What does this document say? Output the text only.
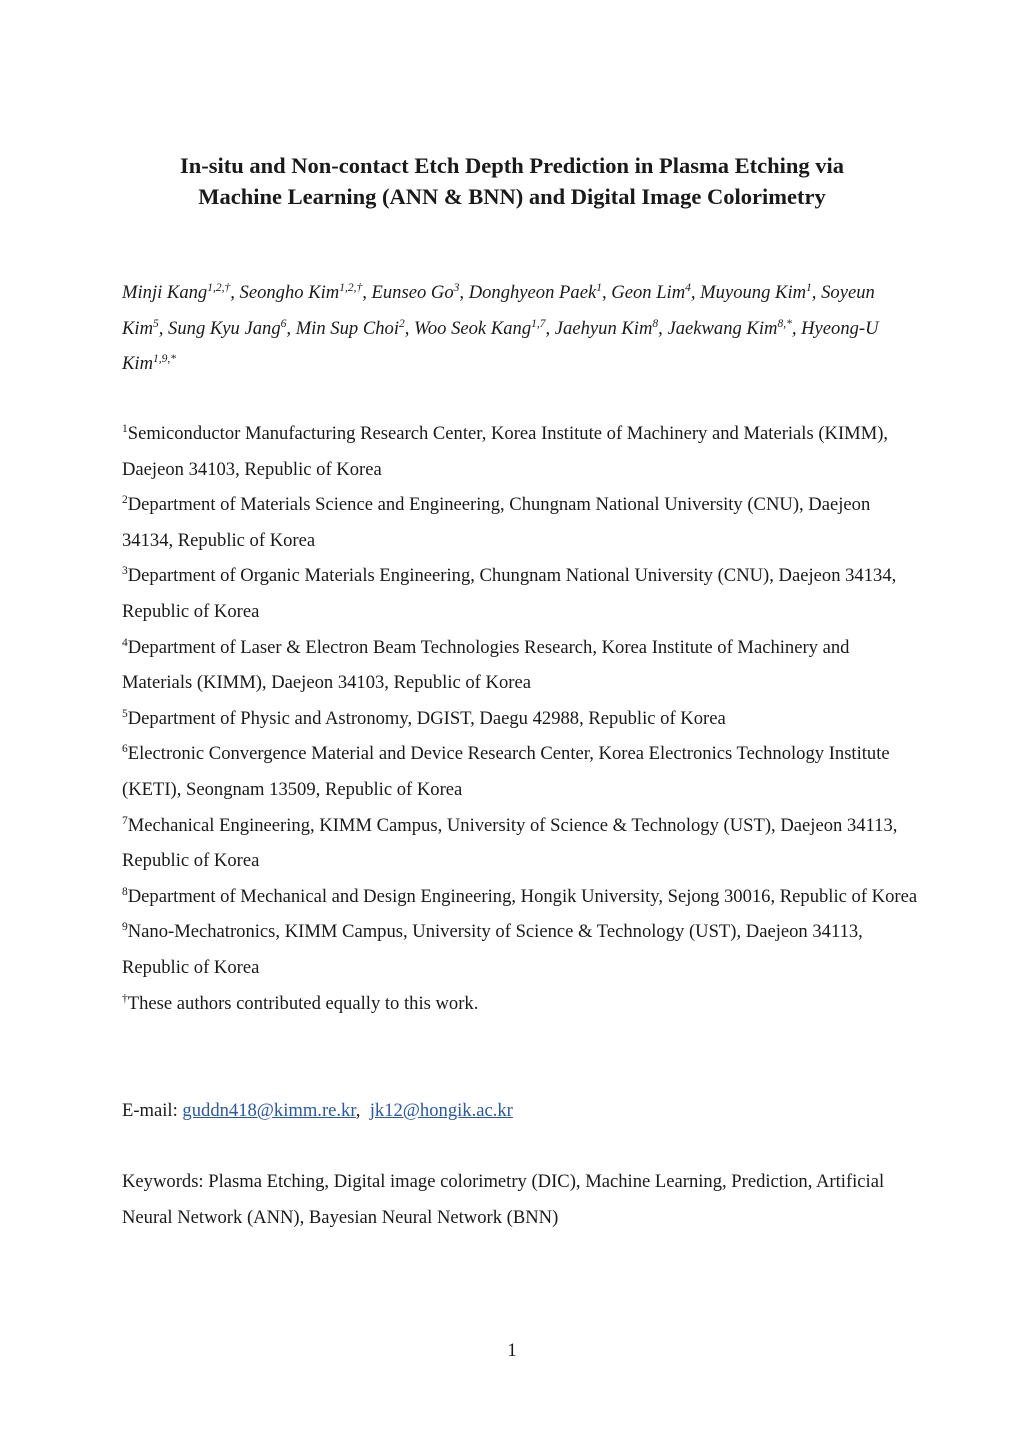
In-situ and Non-contact Etch Depth Prediction in Plasma Etching via
Machine Learning (ANN & BNN) and Digital Image Colorimetry
Minji Kang$^{1,2,\dagger}$, Seongho Kim$^{1,2,\dagger}$, Eunseo Go$^3$, Donghyeon Paek$^1$, Geon Lim$^4$, Muyoung Kim$^1$, Soyeun Kim$^5$, Sung Kyu Jang$^6$, Min Sup Choi$^2$, Woo Seok Kang$^{1,7}$, Jaehyun Kim$^8$, Jaekwang Kim$^{8,*}$, Hyeong-U Kim$^{1,9,*}$
$^1$Semiconductor Manufacturing Research Center, Korea Institute of Machinery and Materials (KIMM), Daejeon 34103, Republic of Korea
$^2$Department of Materials Science and Engineering, Chungnam National University (CNU), Daejeon 34134, Republic of Korea
$^3$Department of Organic Materials Engineering, Chungnam National University (CNU), Daejeon 34134, Republic of Korea
$^4$Department of Laser & Electron Beam Technologies Research, Korea Institute of Machinery and Materials (KIMM), Daejeon 34103, Republic of Korea
$^5$Department of Physic and Astronomy, DGIST, Daegu 42988, Republic of Korea
$^6$Electronic Convergence Material and Device Research Center, Korea Electronics Technology Institute (KETI), Seongnam 13509, Republic of Korea
$^7$Mechanical Engineering, KIMM Campus, University of Science & Technology (UST), Daejeon 34113, Republic of Korea
$^8$Department of Mechanical and Design Engineering, Hongik University, Sejong 30016, Republic of Korea
$^9$Nano-Mechatronics, KIMM Campus, University of Science & Technology (UST), Daejeon 34113, Republic of Korea
†These authors contributed equally to this work.
E-mail: guddn418@kimm.re.kr,  jk12@hongik.ac.kr
Keywords: Plasma Etching, Digital image colorimetry (DIC), Machine Learning, Prediction, Artificial Neural Network (ANN), Bayesian Neural Network (BNN)
1
